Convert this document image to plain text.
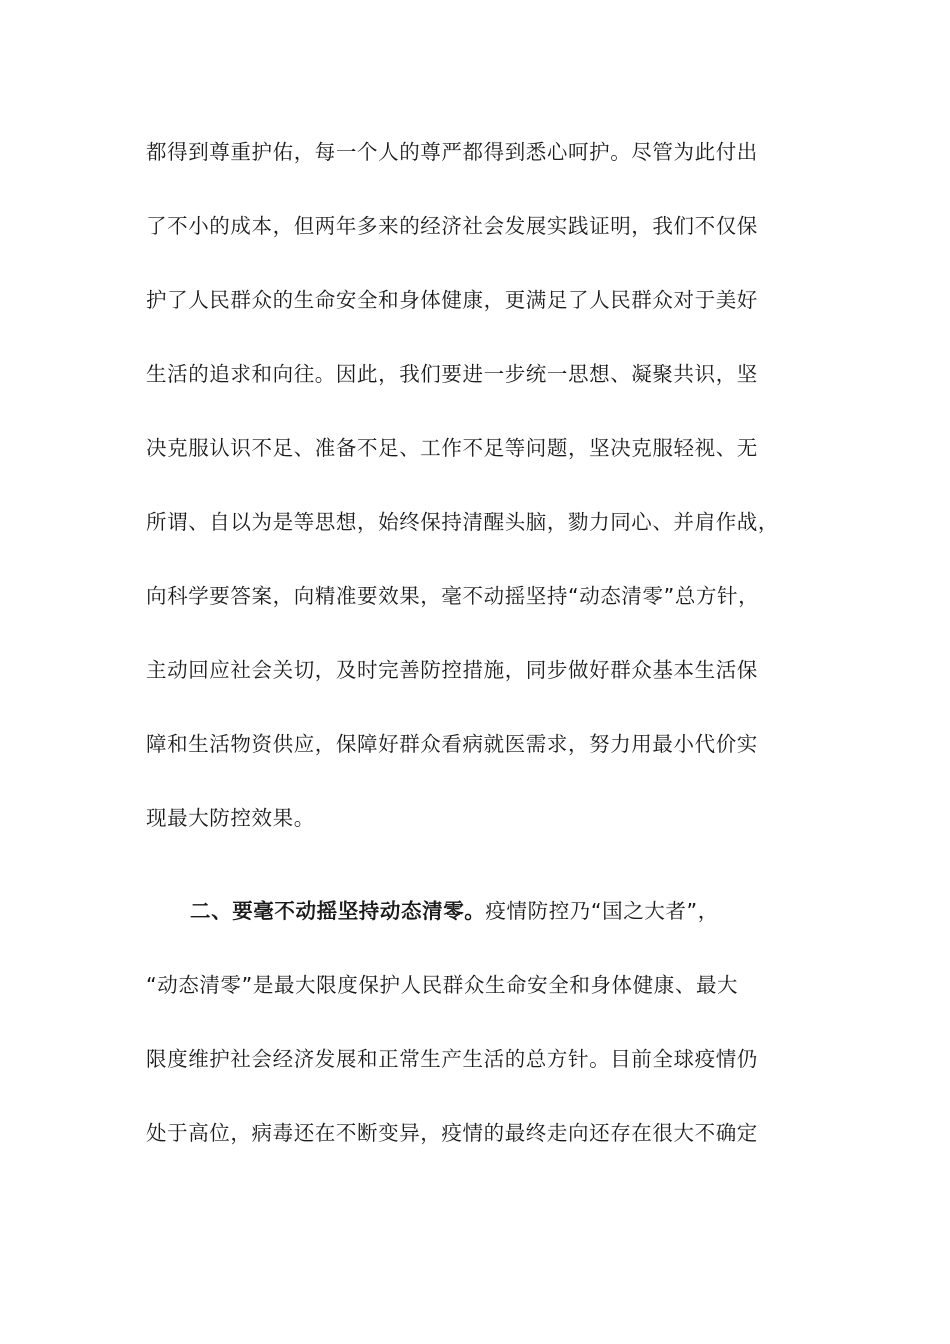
都得到尊重护佑，每一个人的尊严都得到悉心呵护。尽管为此付出
了不小的成本，但两年多来的经济社会发展实践证明，我们不仅保
护了人民群众的生命安全和身体健康，更满足了人民群众对于美好
生活的追求和向往。因此，我们要进一步统一思想、凝聚共识，坚
决克服认识不足、准备不足、工作不足等问题，坚决克服轻视、无
所谓、自以为是等思想，始终保持清醒头脑，勠力同心、并肩作战，
向科学要答案，向精准要效果，毫不动摇坚持“动态清零”总方针，
主动回应社会关切，及时完善防控措施，同步做好群众基本生活保
障和生活物资供应，保障好群众看病就医需求，努力用最小代价实
现最大防控效果。
二、要毫不动摇坚持动态清零。疫情防控乃“国之大者”，
“动态清零”是最大限度保护人民群众生命安全和身体健康、最大
限度维护社会经济发展和正常生产生活的总方针。目前全球疫情仍
处于高位，病毒还在不断变异，疫情的最终走向还存在很大不确定
